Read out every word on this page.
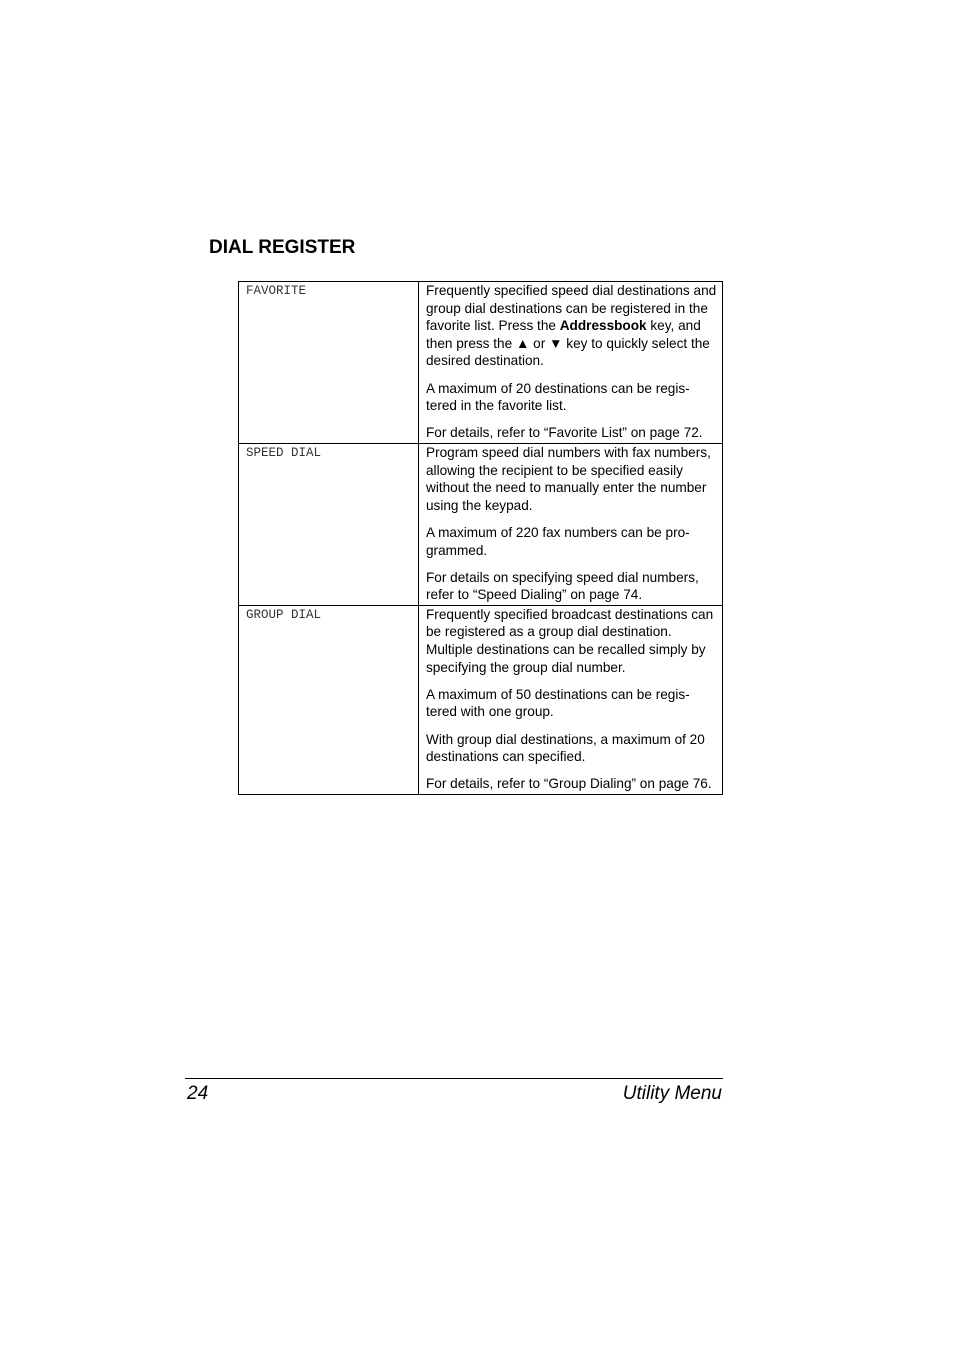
DIAL REGISTER
FAVORITE	Frequently specified speed dial destinations and group dial destinations can be registered in the favorite list. Press the Addressbook key, and then press the ▲ or ▼ key to quickly select the desired destination.

A maximum of 20 destinations can be regis-tered in the favorite list.

For details, refer to “Favorite List” on page 72.

SPEED DIAL	Program speed dial numbers with fax numbers, allowing the recipient to be specified easily without the need to manually enter the number using the keypad.

A maximum of 220 fax numbers can be pro-grammed.

For details on specifying speed dial numbers, refer to “Speed Dialing” on page 74.

GROUP DIAL	Frequently specified broadcast destinations can be registered as a group dial destination. Multiple destinations can be recalled simply by specifying the group dial number.

A maximum of 50 destinations can be regis-tered with one group.

With group dial destinations, a maximum of 20 destinations can specified.

For details, refer to “Group Dialing” on page 76.

24	Utility Menu
